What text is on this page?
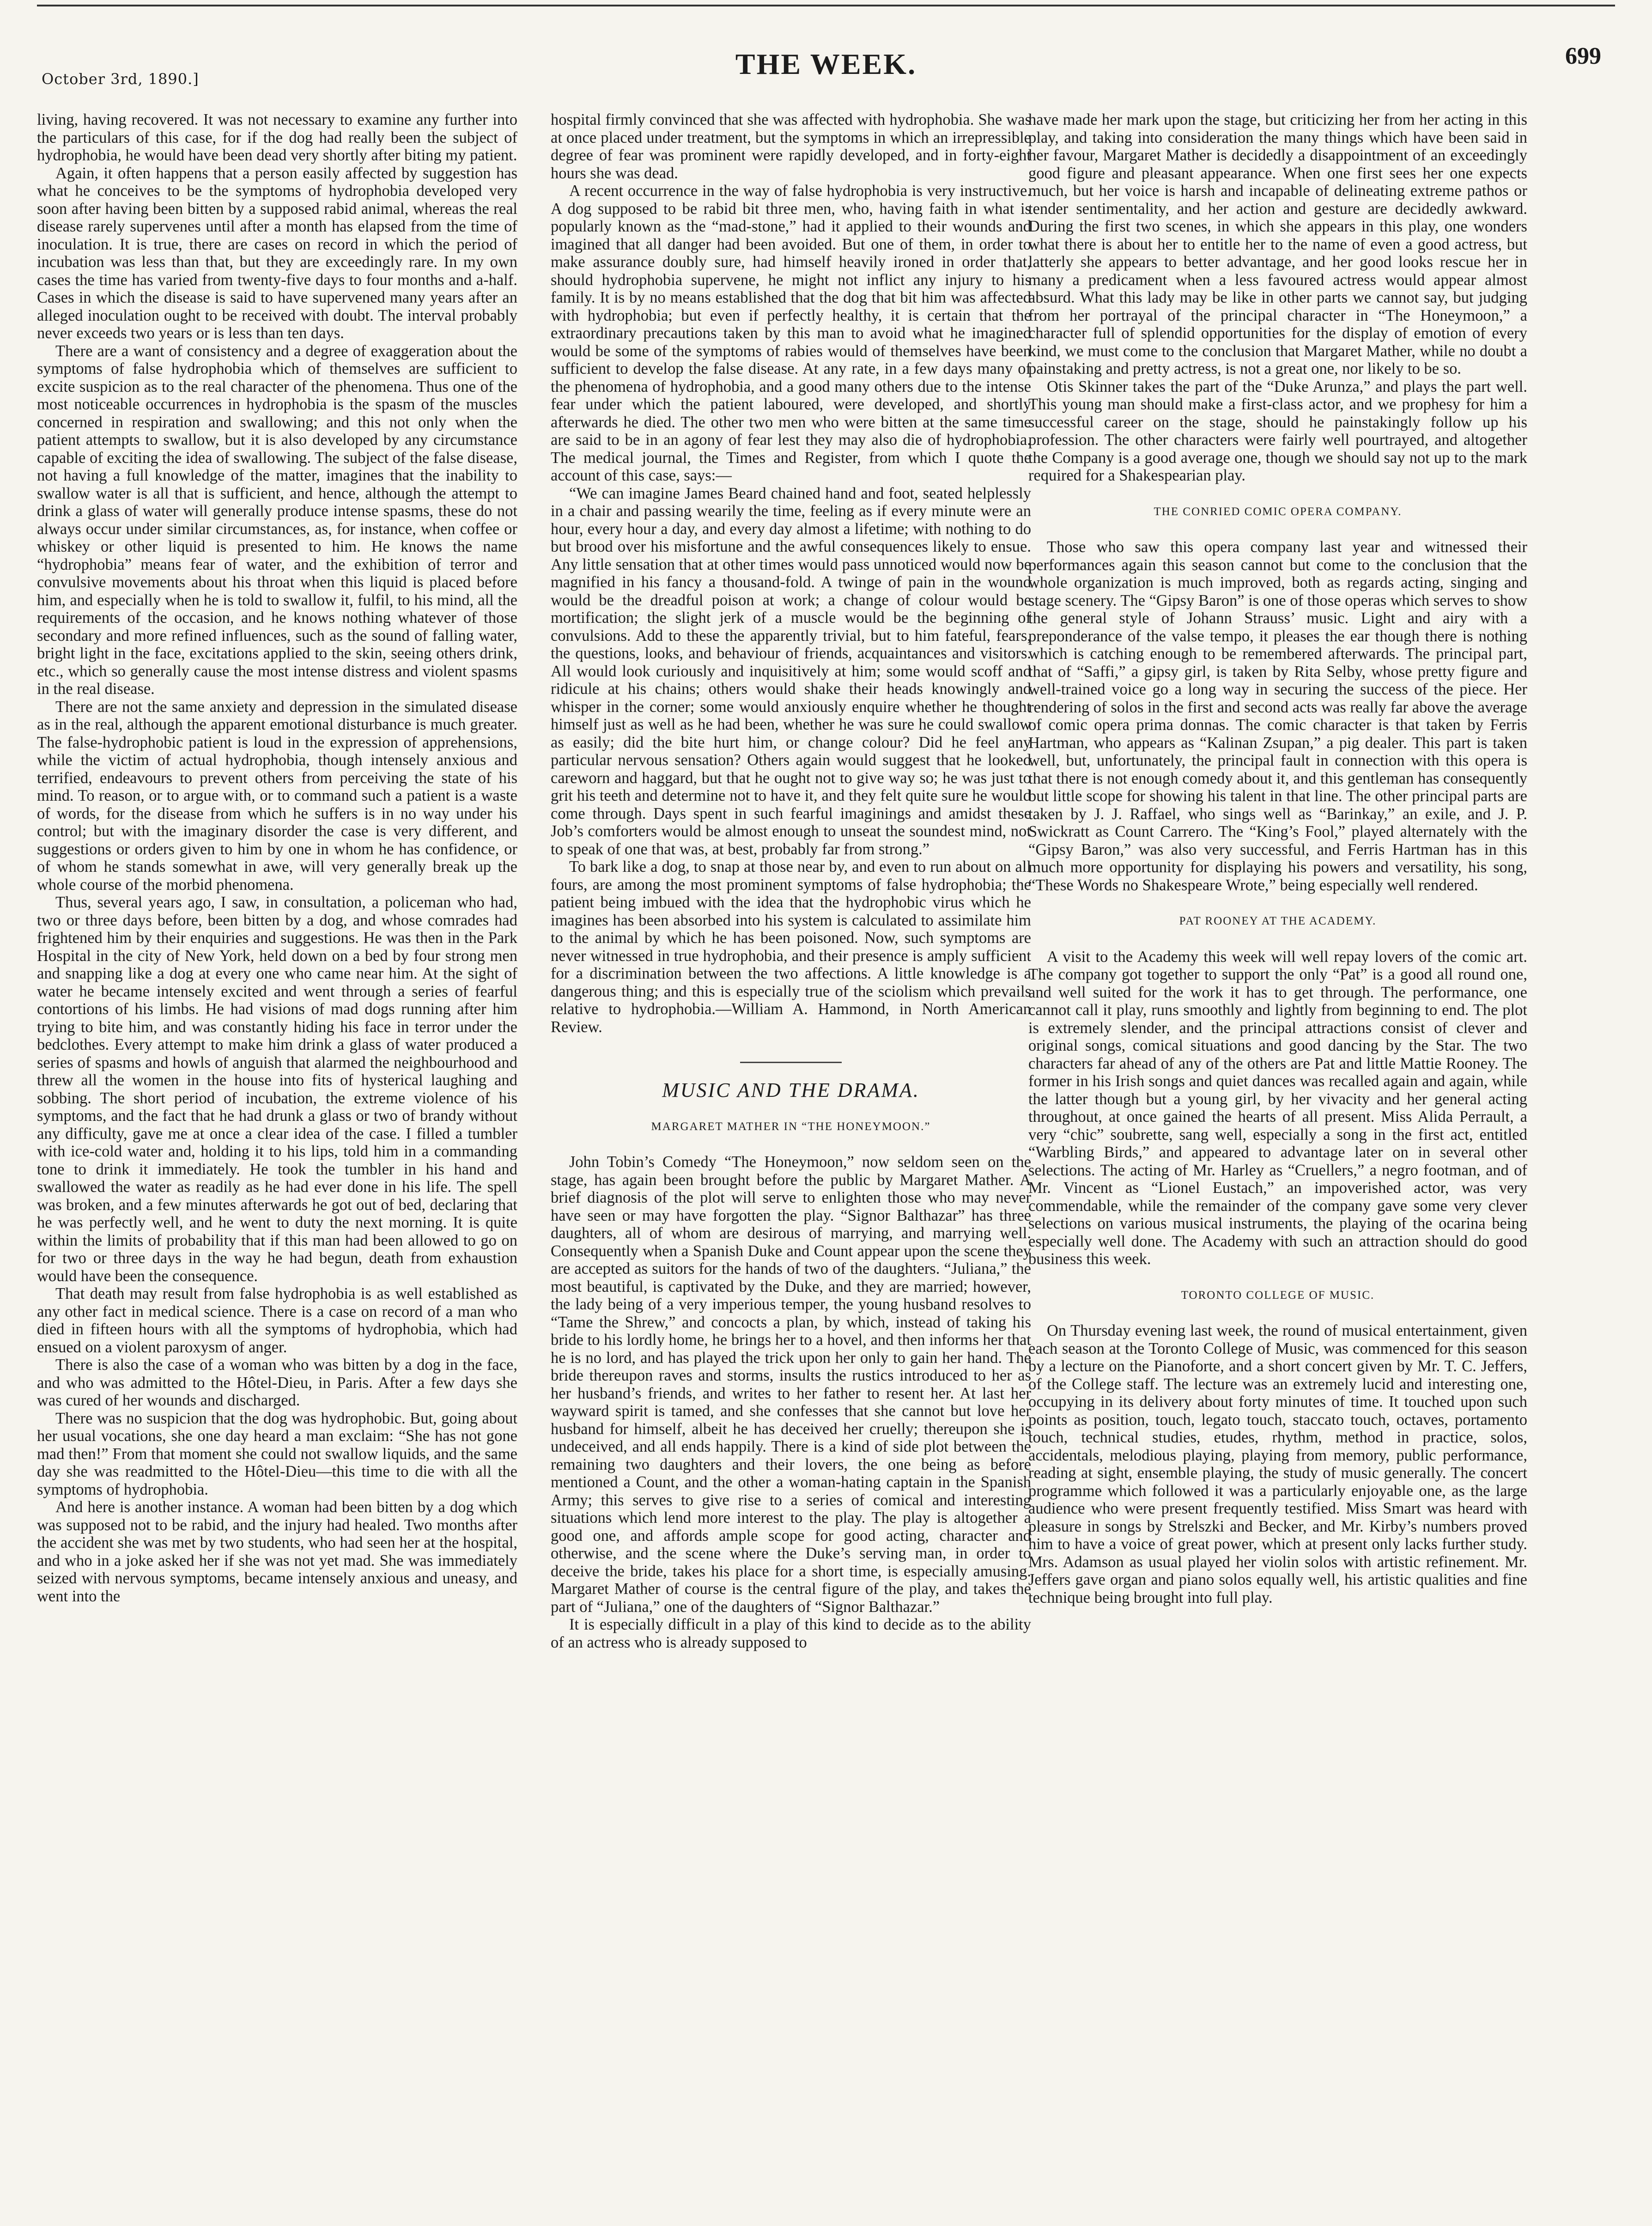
October 3rd, 1890.]	THE WEEK.	699

living, having recovered. It was not necessary to examine any further into the particulars of this case, for if the dog had really been the subject of hydrophobia, he would have been dead very shortly after biting my patient.

Again, it often happens that a person easily affected by suggestion has what he conceives to be the symptoms of hydrophobia developed very soon after having been bitten by a supposed rabid animal, whereas the real disease rarely supervenes until after a month has elapsed from the time of inoculation. It is true, there are cases on record in which the period of incubation was less than that, but they are exceedingly rare. In my own cases the time has varied from twenty-five days to four months and a-half. Cases in which the disease is said to have supervened many years after an alleged inoculation ought to be received with doubt. The interval probably never exceeds two years or is less than ten days.

There are a want of consistency and a degree of exaggeration about the symptoms of false hydrophobia which of themselves are sufficient to excite suspicion as to the real character of the phenomena. Thus one of the most noticeable occurrences in hydrophobia is the spasm of the muscles concerned in respiration and swallowing; and this not only when the patient attempts to swallow, but it is also developed by any circumstance capable of exciting the idea of swallowing. The subject of the false disease, not having a full knowledge of the matter, imagines that the inability to swallow water is all that is sufficient, and hence, although the attempt to drink a glass of water will generally produce intense spasms, these do not always occur under similar circumstances, as, for instance, when coffee or whiskey or other liquid is presented to him. He knows the name “hydrophobia” means fear of water, and the exhibition of terror and convulsive movements about his throat when this liquid is placed before him, and especially when he is told to swallow it, fulfil, to his mind, all the requirements of the occasion, and he knows nothing whatever of those secondary and more refined influences, such as the sound of falling water, bright light in the face, excitations applied to the skin, seeing others drink, etc., which so generally cause the most intense distress and violent spasms in the real disease.

There are not the same anxiety and depression in the simulated disease as in the real, although the apparent emotional disturbance is much greater. The false-hydrophobic patient is loud in the expression of apprehensions, while the victim of actual hydrophobia, though intensely anxious and terrified, endeavours to prevent others from perceiving the state of his mind. To reason, or to argue with, or to command such a patient is a waste of words, for the disease from which he suffers is in no way under his control; but with the imaginary disorder the case is very different, and suggestions or orders given to him by one in whom he has confidence, or of whom he stands somewhat in awe, will very generally break up the whole course of the morbid phenomena.

Thus, several years ago, I saw, in consultation, a policeman who had, two or three days before, been bitten by a dog, and whose comrades had frightened him by their enquiries and suggestions. He was then in the Park Hospital in the city of New York, held down on a bed by four strong men and snapping like a dog at every one who came near him. At the sight of water he became intensely excited and went through a series of fearful contortions of his limbs. He had visions of mad dogs running after him trying to bite him, and was constantly hiding his face in terror under the bedclothes. Every attempt to make him drink a glass of water produced a series of spasms and howls of anguish that alarmed the neighbourhood and threw all the women in the house into fits of hysterical laughing and sobbing. The short period of incubation, the extreme violence of his symptoms, and the fact that he had drunk a glass or two of brandy without any difficulty, gave me at once a clear idea of the case. I filled a tumbler with ice-cold water and, holding it to his lips, told him in a commanding tone to drink it immediately. He took the tumbler in his hand and swallowed the water as readily as he had ever done in his life. The spell was broken, and a few minutes afterwards he got out of bed, declaring that he was perfectly well, and he went to duty the next morning. It is quite within the limits of probability that if this man had been allowed to go on for two or three days in the way he had begun, death from exhaustion would have been the consequence.

That death may result from false hydrophobia is as well established as any other fact in medical science. There is a case on record of a man who died in fifteen hours with all the symptoms of hydrophobia, which had ensued on a violent paroxysm of anger.

There is also the case of a woman who was bitten by a dog in the face, and who was admitted to the Hôtel-Dieu, in Paris. After a few days she was cured of her wounds and discharged.

There was no suspicion that the dog was hydrophobic. But, going about her usual vocations, she one day heard a man exclaim: “She has not gone mad then!” From that moment she could not swallow liquids, and the same day she was readmitted to the Hôtel-Dieu—this time to die with all the symptoms of hydrophobia.

And here is another instance. A woman had been bitten by a dog which was supposed not to be rabid, and the injury had healed. Two months after the accident she was met by two students, who had seen her at the hospital, and who in a joke asked her if she was not yet mad. She was immediately seized with nervous symptoms, became intensely anxious and uneasy, and went into the

hospital firmly convinced that she was affected with hydrophobia. She was at once placed under treatment, but the symptoms in which an irrepressible degree of fear was prominent were rapidly developed, and in forty-eight hours she was dead.

A recent occurrence in the way of false hydrophobia is very instructive. A dog supposed to be rabid bit three men, who, having faith in what is popularly known as the “mad-stone,” had it applied to their wounds and imagined that all danger had been avoided. But one of them, in order to make assurance doubly sure, had himself heavily ironed in order that, should hydrophobia supervene, he might not inflict any injury to his family. It is by no means established that the dog that bit him was affected with hydrophobia; but even if perfectly healthy, it is certain that the extraordinary precautions taken by this man to avoid what he imagined would be some of the symptoms of rabies would of themselves have been sufficient to develop the false disease. At any rate, in a few days many of the phenomena of hydrophobia, and a good many others due to the intense fear under which the patient laboured, were developed, and shortly afterwards he died. The other two men who were bitten at the same time are said to be in an agony of fear lest they may also die of hydrophobia. The medical journal, the Times and Register, from which I quote the account of this case, says:—

“We can imagine James Beard chained hand and foot, seated helplessly in a chair and passing wearily the time, feeling as if every minute were an hour, every hour a day, and every day almost a lifetime; with nothing to do but brood over his misfortune and the awful consequences likely to ensue. Any little sensation that at other times would pass unnoticed would now be magnified in his fancy a thousand-fold. A twinge of pain in the wound would be the dreadful poison at work; a change of colour would be mortification; the slight jerk of a muscle would be the beginning of convulsions. Add to these the apparently trivial, but to him fateful, fears, the questions, looks, and behaviour of friends, acquaintances and visitors. All would look curiously and inquisitively at him; some would scoff and ridicule at his chains; others would shake their heads knowingly and whisper in the corner; some would anxiously enquire whether he thought himself just as well as he had been, whether he was sure he could swallow as easily; did the bite hurt him, or change colour? Did he feel any particular nervous sensation? Others again would suggest that he looked careworn and haggard, but that he ought not to give way so; he was just to grit his teeth and determine not to have it, and they felt quite sure he would come through. Days spent in such fearful imaginings and amidst these Job’s comforters would be almost enough to unseat the soundest mind, not to speak of one that was, at best, probably far from strong.”

To bark like a dog, to snap at those near by, and even to run about on all fours, are among the most prominent symptoms of false hydrophobia; the patient being imbued with the idea that the hydrophobic virus which he imagines has been absorbed into his system is calculated to assimilate him to the animal by which he has been poisoned. Now, such symptoms are never witnessed in true hydrophobia, and their presence is amply sufficient for a discrimination between the two affections. A little knowledge is a dangerous thing; and this is especially true of the sciolism which prevails relative to hydrophobia.—William A. Hammond, in North American Review.

MUSIC AND THE DRAMA.
MARGARET MATHER IN “THE HONEYMOON.”

John Tobin’s Comedy “The Honeymoon,” now seldom seen on the stage, has again been brought before the public by Margaret Mather. A brief diagnosis of the plot will serve to enlighten those who may never have seen or may have forgotten the play. “Signor Balthazar” has three daughters, all of whom are desirous of marrying, and marrying well. Consequently when a Spanish Duke and Count appear upon the scene they are accepted as suitors for the hands of two of the daughters. “Juliana,” the most beautiful, is captivated by the Duke, and they are married; however, the lady being of a very imperious temper, the young husband resolves to “Tame the Shrew,” and concocts a plan, by which, instead of taking his bride to his lordly home, he brings her to a hovel, and then informs her that he is no lord, and has played the trick upon her only to gain her hand. The bride thereupon raves and storms, insults the rustics introduced to her as her husband’s friends, and writes to her father to resent her. At last her wayward spirit is tamed, and she confesses that she cannot but love her husband for himself, albeit he has deceived her cruelly; thereupon she is undeceived, and all ends happily. There is a kind of side plot between the remaining two daughters and their lovers, the one being as before mentioned a Count, and the other a woman-hating captain in the Spanish Army; this serves to give rise to a series of comical and interesting situations which lend more interest to the play. The play is altogether a good one, and affords ample scope for good acting, character and otherwise, and the scene where the Duke’s serving man, in order to deceive the bride, takes his place for a short time, is especially amusing. Margaret Mather of course is the central figure of the play, and takes the part of “Juliana,” one of the daughters of “Signor Balthazar.”

It is especially difficult in a play of this kind to decide as to the ability of an actress who is already supposed to

have made her mark upon the stage, but criticizing her from her acting in this play, and taking into consideration the many things which have been said in her favour, Margaret Mather is decidedly a disappointment of an exceedingly good figure and pleasant appearance. When one first sees her one expects much, but her voice is harsh and incapable of delineating extreme pathos or tender sentimentality, and her action and gesture are decidedly awkward. During the first two scenes, in which she appears in this play, one wonders what there is about her to entitle her to the name of even a good actress, but latterly she appears to better advantage, and her good looks rescue her in many a predicament when a less favoured actress would appear almost absurd. What this lady may be like in other parts we cannot say, but judging from her portrayal of the principal character in “The Honeymoon,” a character full of splendid opportunities for the display of emotion of every kind, we must come to the conclusion that Margaret Mather, while no doubt a painstaking and pretty actress, is not a great one, nor likely to be so.

Otis Skinner takes the part of the “Duke Arunza,” and plays the part well. This young man should make a first-class actor, and we prophesy for him a successful career on the stage, should he painstakingly follow up his profession. The other characters were fairly well pourtrayed, and altogether the Company is a good average one, though we should say not up to the mark required for a Shakespearian play.

THE CONRIED COMIC OPERA COMPANY.

Those who saw this opera company last year and witnessed their performances again this season cannot but come to the conclusion that the whole organization is much improved, both as regards acting, singing and stage scenery. The “Gipsy Baron” is one of those operas which serves to show the general style of Johann Strauss’ music. Light and airy with a preponderance of the valse tempo, it pleases the ear though there is nothing which is catching enough to be remembered afterwards. The principal part, that of “Saffi,” a gipsy girl, is taken by Rita Selby, whose pretty figure and well-trained voice go a long way in securing the success of the piece. Her rendering of solos in the first and second acts was really far above the average of comic opera prima donnas. The comic character is that taken by Ferris Hartman, who appears as “Kalinan Zsupan,” a pig dealer. This part is taken well, but, unfortunately, the principal fault in connection with this opera is that there is not enough comedy about it, and this gentleman has consequently but little scope for showing his talent in that line. The other principal parts are taken by J. J. Raffael, who sings well as “Barinkay,” an exile, and J. P. Swickratt as Count Carrero. The “King’s Fool,” played alternately with the “Gipsy Baron,” was also very successful, and Ferris Hartman has in this much more opportunity for displaying his powers and versatility, his song, “These Words no Shakespeare Wrote,” being especially well rendered.

PAT ROONEY AT THE ACADEMY.

A visit to the Academy this week will well repay lovers of the comic art. The company got together to support the only “Pat” is a good all round one, and well suited for the work it has to get through. The performance, one cannot call it play, runs smoothly and lightly from beginning to end. The plot is extremely slender, and the principal attractions consist of clever and original songs, comical situations and good dancing by the Star. The two characters far ahead of any of the others are Pat and little Mattie Rooney. The former in his Irish songs and quiet dances was recalled again and again, while the latter though but a young girl, by her vivacity and her general acting throughout, at once gained the hearts of all present. Miss Alida Perrault, a very “chic” soubrette, sang well, especially a song in the first act, entitled “Warbling Birds,” and appeared to advantage later on in several other selections. The acting of Mr. Harley as “Cruellers,” a negro footman, and of Mr. Vincent as “Lionel Eustach,” an impoverished actor, was very commendable, while the remainder of the company gave some very clever selections on various musical instruments, the playing of the ocarina being especially well done. The Academy with such an attraction should do good business this week.

TORONTO COLLEGE OF MUSIC.

On Thursday evening last week, the round of musical entertainment, given each season at the Toronto College of Music, was commenced for this season by a lecture on the Pianoforte, and a short concert given by Mr. T. C. Jeffers, of the College staff. The lecture was an extremely lucid and interesting one, occupying in its delivery about forty minutes of time. It touched upon such points as position, touch, legato touch, staccato touch, octaves, portamento touch, technical studies, etudes, rhythm, method in practice, solos, accidentals, melodious playing, playing from memory, public performance, reading at sight, ensemble playing, the study of music generally. The concert programme which followed it was a particularly enjoyable one, as the large audience who were present frequently testified. Miss Smart was heard with pleasure in songs by Strelszki and Becker, and Mr. Kirby’s numbers proved him to have a voice of great power, which at present only lacks further study. Mrs. Adamson as usual played her violin solos with artistic refinement. Mr. Jeffers gave organ and piano solos equally well, his artistic qualities and fine technique being brought into full play.
